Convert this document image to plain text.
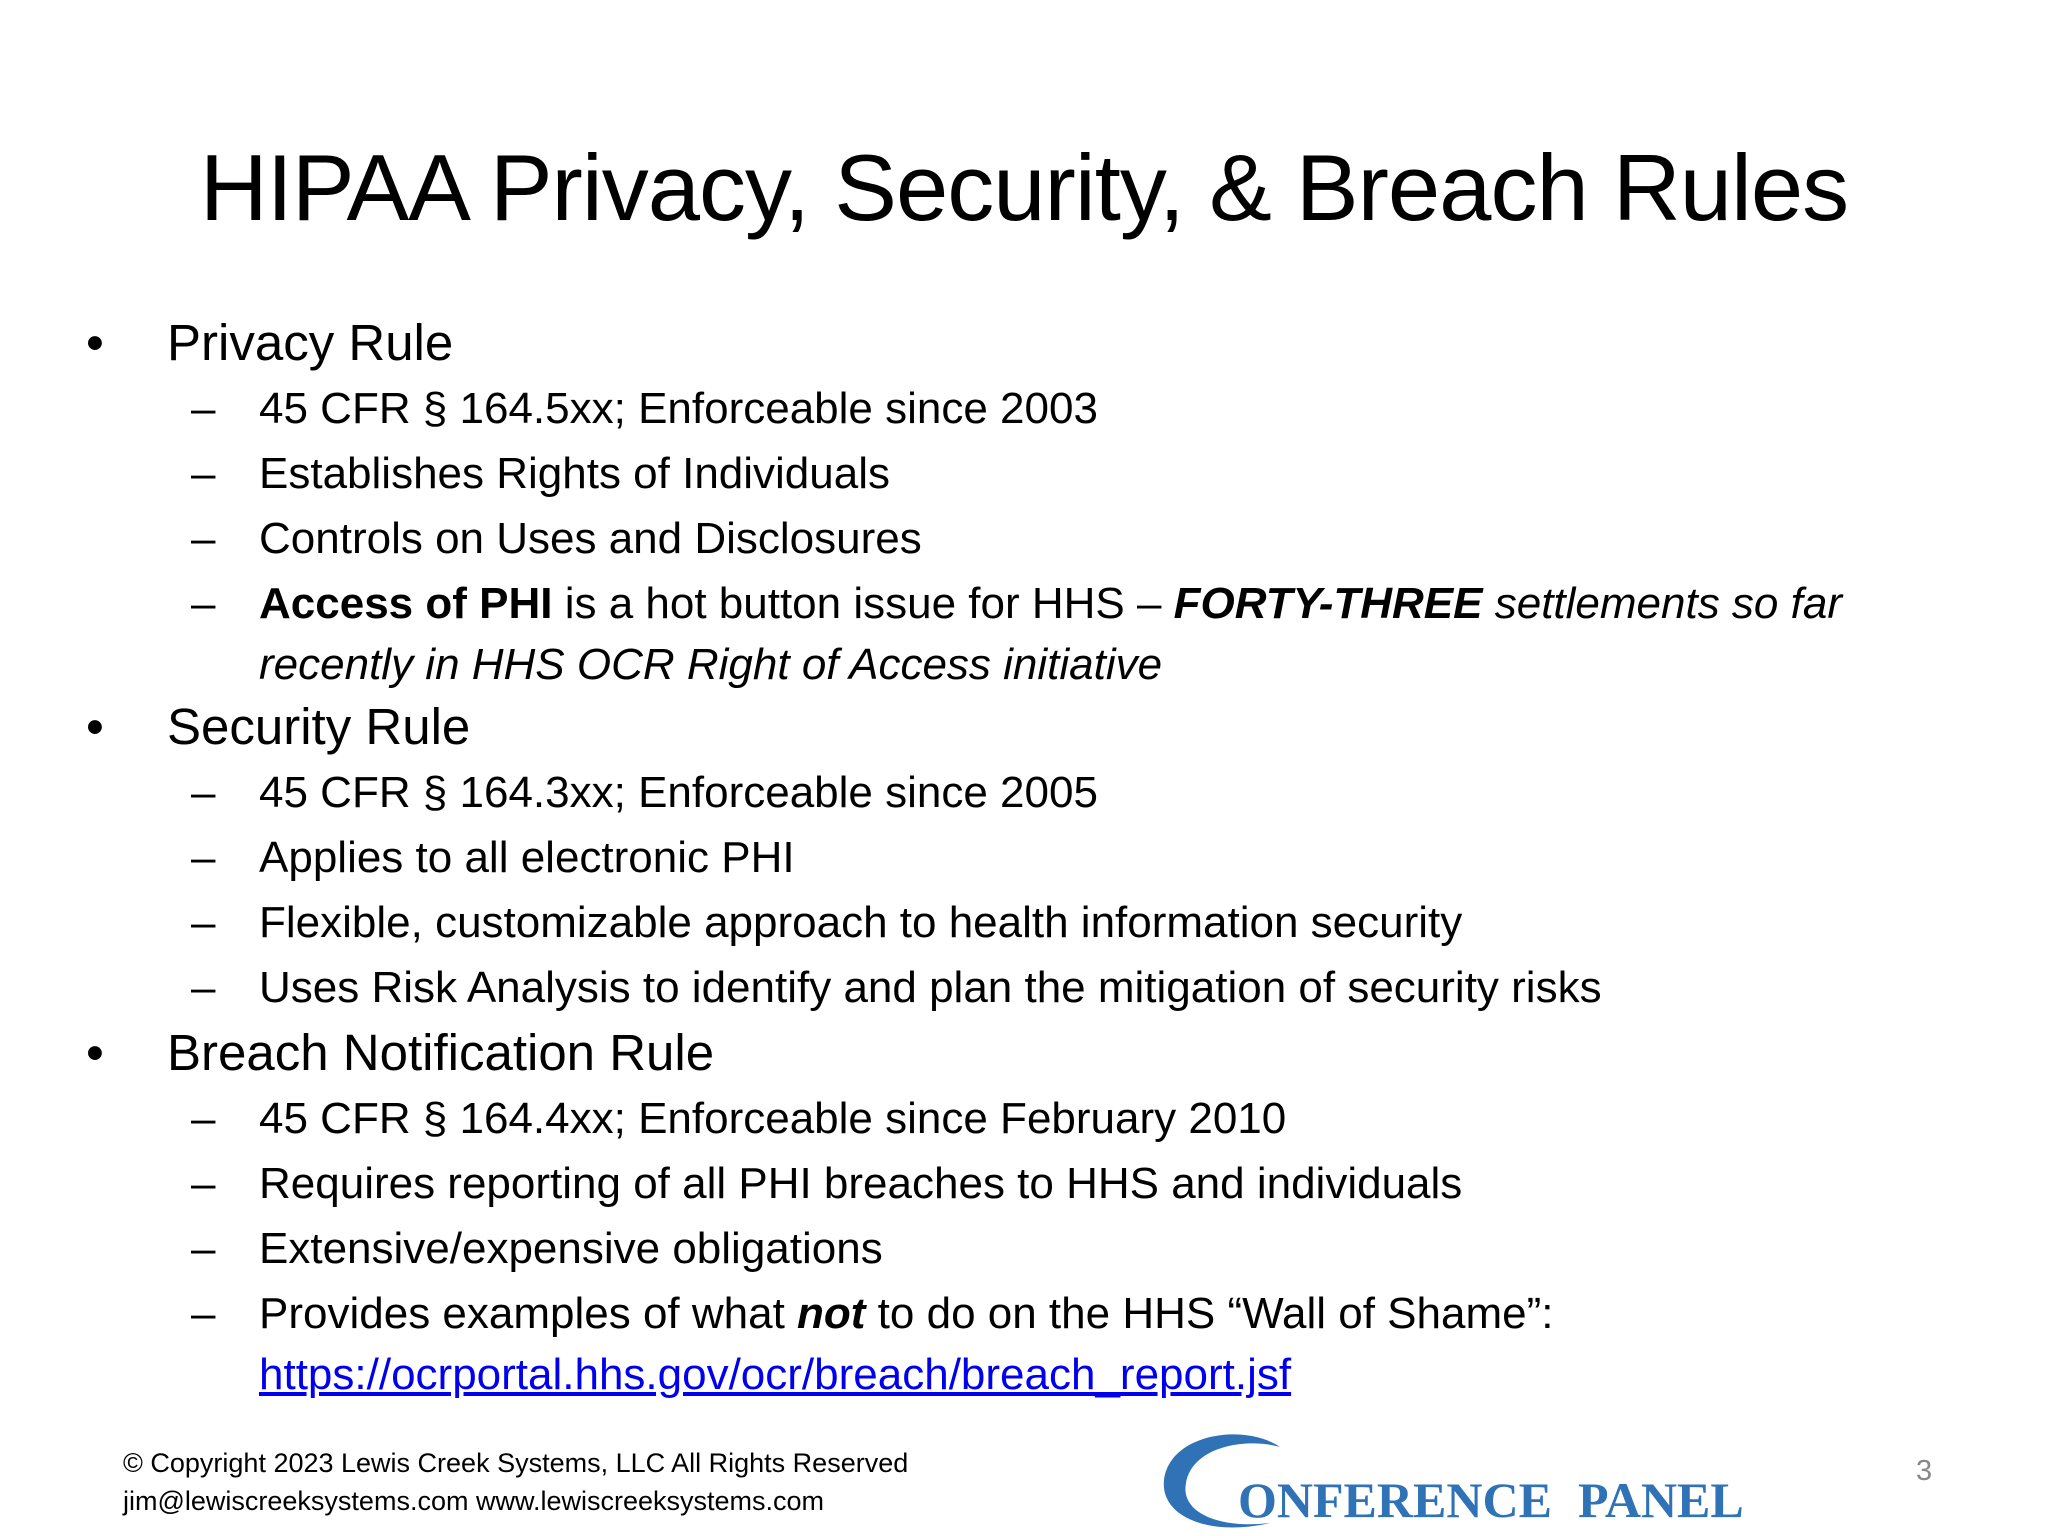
HIPAA Privacy, Security, & Breach Rules
• Privacy Rule
– 45 CFR § 164.5xx; Enforceable since 2003
– Establishes Rights of Individuals
– Controls on Uses and Disclosures
– Access of PHI is a hot button issue for HHS – FORTY-THREE settlements so far
recently in HHS OCR Right of Access initiative
• Security Rule
– 45 CFR § 164.3xx; Enforceable since 2005
– Applies to all electronic PHI
– Flexible, customizable approach to health information security
– Uses Risk Analysis to identify and plan the mitigation of security risks
• Breach Notification Rule
– 45 CFR § 164.4xx; Enforceable since February 2010
– Requires reporting of all PHI breaches to HHS and individuals
– Extensive/expensive obligations
– Provides examples of what not to do on the HHS “Wall of Shame”:
https://ocrportal.hhs.gov/ocr/breach/breach_report.jsf
© Copyright 2023 Lewis Creek Systems, LLC All Rights Reserved
jim@lewiscreeksystems.com www.lewiscreeksystems.com	ONFERENCE PANEL
3
